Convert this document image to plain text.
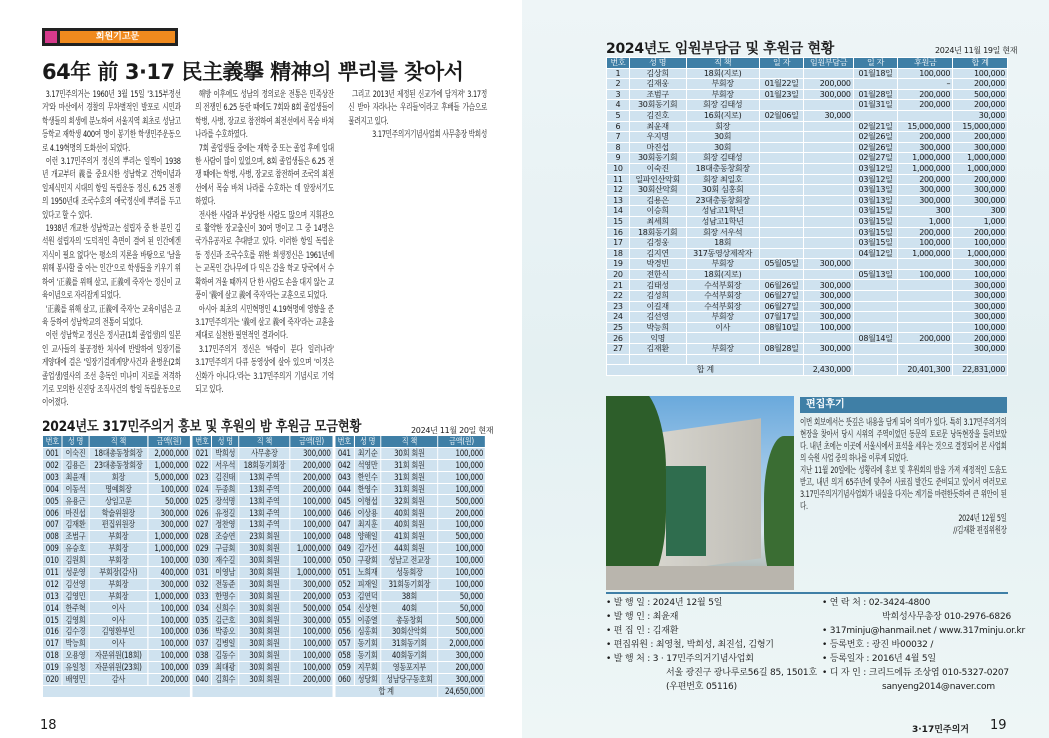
회원기고문
64年 前 3·17 民主義擧 精神의 뿌리를 찾아서

3.17민주의거는 1960년 3월 15일 '3.15부정선거'와 마산에서 경찰의 무차별적인 발포로 시민과 학생들의 희생에 분노하여 서울지역 최초로 성남고등학교 재학생 400여 명이 봉기한 학생민주운동으로 4.19혁명의 도화선이 되었다.

이런 3.17민주의거 정신의 뿌리는 일찍이 1938년 개교부터 義를 중요시한 성남학교 건학이념과 일제식민지 시대의 항일 독립운동 정신, 6.25 전쟁의 1950년대 조국수호의 애국정신에 뿌리를 두고 있다고 할 수 있다.

1938년 개교한 성남학교는 설립자 중 한 분인 김석원 설립자의 '도덕적인 측면이 결여 된 인간에겐 지식이 필요 없다'는 평소의 지론을 바탕으로 '남을 위해 봉사할 줄 아는 인간'으로 학생들을 키우기 위하여 '正義를 위해 살고, 正義에 죽자'는 정신이 교육이념으로 자리잡게 되었다.

'正義를 위해 살고, 正義에 죽자'는 교육이념은 교육 등하여 성남학교의 전통이 되었다.

이런 성남학교 정신은 정시균(1회 졸업생)의 일본인 교사들의 불공정한 처사에 반발하여 일장기를 게양대에 걸은 '일장기걸레게양'사건과 윤병운(2회졸업생)열사의 조선 총독인 미나미 지로를 저격하기로 모의한 신진당 조직사건의 항일 독립운동으로 이어졌다.

해방 이후에도 성남의 정의로운 전통은 민족상잔의 전쟁인 6.25 동란 때에도 7회와 8회 졸업생들이 학병, 사병, 장교로 참전하여 최전선에서 목숨 바쳐 나라를 수호하였다.

7회 졸업생들 중에는 재학 중 또는 졸업 후에 입대한 사람이 많이 있었으며, 8회 졸업생들은 6.25 전쟁 때에는 학병, 사병, 장교로 참전하여 조국의 최전선에서 목숨 바쳐 나라를 수호하는 데 앞장서기도 하였다.

전사한 사람과 부상당한 사람도 많으며 지휘관으로 활약한 장교출신이 30여 명이고 그 중 14명은 국가유공자로 추대받고 있다. 이러한 항일 독립운동 정신과 조국수호를 위한 희생정신은 1961년에는 교목인 감나무에 다 익은 감을 학교 당국에서 수확하여 겨울 때까지 단 한 사람도 손을 대지 않는 교풍이 '義에 살고 義에 죽자'라는 교훈으로 되었다.

아시아 최초의 시민혁명인 4.19혁명에 영향을 준 3.17민주의거는 '義에 살고 義에 죽자'라는 교훈을 제대로 실천한 필연적인 결과이다.

3.17민주의거 정신은 '바람이 분다 일러나라' 3.17민주의거 다큐 동영상에 살아 있으며 '이것은 신화가 아니다.'라는 3.17민주의거 기념시로 기억되고 있다.

그리고 2013년 제정된 신교가에 담겨져' 3.17정신 받아 자라나는 우리들'이라고 후배들 가슴으로 물려지고 있다.

3.17민주의거기념사업회 사무총장 박희성

2024년도 317민주의거 홍보 및 후원의 밤 후원금 모금현황	2024년 11월 20일 현재
번호	성 명	직 책	금액(원)		번호	성 명	직 책	금액(원)		번호	성 명	직 책	금액(원)
001	이숙진	18대총동창회장	2,000,000		021	박희성	사무총장	300,000		041	최기순	30회 회원	100,000
002	김용은	23대총동창회장	1,000,000		022	서우석	18회동기회장	200,000		042	석영만	31회 회원	100,000
003	최윤재	회장	5,000,000		023	김진태	13회 주역	200,000		043	한인수	31회 회원	100,000
004	이동석	명예회장	100,000		024	두종희	13회 주역	200,000		044	한영수	31회 회원	100,000
005	유용근	상임고문	50,000		025	장석명	13회 주역	100,000		045	이형섭	32회 회원	500,000
006	마진섭	학술위원장	300,000		026	유정길	13회 주역	100,000		046	이상용	40회 회원	200,000
007	김재환	편집위원장	300,000		027	정찬영	13회 주역	100,000		047	최지훈	40회 회원	100,000
008	조범구	부회장	1,000,000		028	조승연	23회 회원	100,000		048	양해일	41회 회원	500,000
009	유승호	부회장	1,000,000		029	구금회	30회 회원	1,000,000		049	김가선	44회 회원	100,000
010	김원희	부회장	100,000		030	재수길	30회 회원	100,000		050	구광회	성남고 전교장	100,000
011	성운영	부회장(감사)	400,000		031	이영남	30회 회원	1,000,000		051	노희재	성동회장	100,000
012	김선영	부회장	300,000		032	전동준	30회 회원	300,000		052	피재일	31회동기회장	100,000
013	김영민	부회장	1,000,000		033	한명수	30회 회원	200,000		053	김연덕	38회	50,000
014	한주혁	이사	100,000		034	신희수	30회 회원	500,000		054	신상현	40회	50,000
015	김영희	이사	100,000		035	김근호	30회 회원	300,000		055	이종열	총동창회	500,000
016	김수경	김영환부인	100,000		036	박종오	30회 회원	100,000		056	심홍회	30회산악회	500,000
017	박능희	이사	100,000		037	김병일	30회 회원	100,000		057	동기회	31회동기회	2,000,000
018	오용영	자문위원(18회)	100,000		038	김동수	30회 회원	100,000		058	동기회	40회동기회	300,000
019	유일청	자문위원(23회)	100,000		039	최대광	30회 회원	100,000		059	지무회	영동포지부	200,000
020	배영민	감사	200,000		040	김희수	30회 회원	200,000		060	성당회	성남당구동호회	300,000
										합 계			24,650,000
18
2024년도 임원부담금 및 후원금 현황	2024년 11월 19일 현재
번호	성 명	직 책	일 자	임원부담금	일 자	후원금	합 계
1	김상희	18회(지로)			01월18일	100,000	100,000
2	김재웅	부회장	01월22일	200,000		–	200,000
3	조범구	부회장	01월23일	300,000	01월28일	200,000	500,000
4	30회동기회	회장 김태성			01월31일	200,000	200,000
5	김진호	16회(지로)	02월06일	30,000			30,000
6	최윤재	회장			02월21일	15,000,000	15,000,000
7	우지명	30회			02월26일	200,000	200,000
8	마진섭	30회			02월26일	300,000	300,000
9	30회동기회	회장 김태성			02월27일	1,000,000	1,000,000
10	이숙진	18대총동창회장			03월12일	1,000,000	1,000,000
11	일파인산악회	회장 최일호			03월12일	200,000	200,000
12	30회산악회	30회 심홍회			03월13일	300,000	300,000
13	김용은	23대총동창회장			03월13일	300,000	300,000
14	이승희	성남고1학년			03월15일	300	300
15	최세희	성남고1학년			03월15일	1,000	1,000
16	18회동기회	회장 서우석			03월15일	200,000	200,000
17	김정웅	18회			03월15일	100,000	100,000
18	김지연	317동영상제작자			04월12일	1,000,000	1,000,000
19	박경빈	부회장	05월05일	300,000			300,000
20	전한식	18회(지로)			05월13일	100,000	100,000
21	김태성	수석부회장	06월26일	300,000			300,000
22	김성희	수석부회장	06월27일	300,000			300,000
23	이길재	수석부회장	06월27일	300,000			300,000
24	김선영	부회장	07월17일	300,000			300,000
25	박능희	이사	08월10일	100,000			100,000
26	익명				08월14일	200,000	200,000
27	김재환	부회장	08월28일	300,000			300,000

합 계				2,430,000		20,401,300	22,831,000
편집후기

이번 회보에서는 뜻깊은 내용을 담게 되어 의미가 있다. 특히 3.17민주의거의 현장을 찾아서 당시 시위의 주역이었던 동문의 토로문 낭독현장을 둘러보았다. 내년 초에는 이곳에 서울시에서 표석을 세우는 것으로 결정되어 본 사업회의 숙원 사업 중의 하나를 이루게 되었다.

지난 11월 20일에는 성황리에 홍보 및 후원회의 밤을 가져 재정적인 도움도 받고, 내년 의거 65주년에 맞추어 사료집 발간도 준비되고 있어서 여러모로 3.17민주의거기념사업회가 내실을 다지는 계기를 마련한듯하여 큰 위안이 된다.

2024년 12월 5일

//김재환 편집위원장

• 발 행 일 : 2024년 12월 5일
• 발 행 인 : 최윤재
• 편 집 인 : 김재환
• 편집위원 : 최영철, 박희성, 최진섭, 김형기
• 발 행 처 : 3 · 17민주의거기념사업회
서울 광진구 광나루로56길 85, 1501호
(우편번호 05116)
• 연 락 처 : 02-3424-4800
박희성사무총장 010-2976-6826
• 317minju@hanmail.net / www.317minju.or.kr
• 등록번호 : 광진 바00032 /
• 등록일자 : 2016년 4월 5일
• 디 자 인 : 크리드에듀 조상엽 010-5327-0207
sanyeng2014@naver.com
3·17민주의거 19
